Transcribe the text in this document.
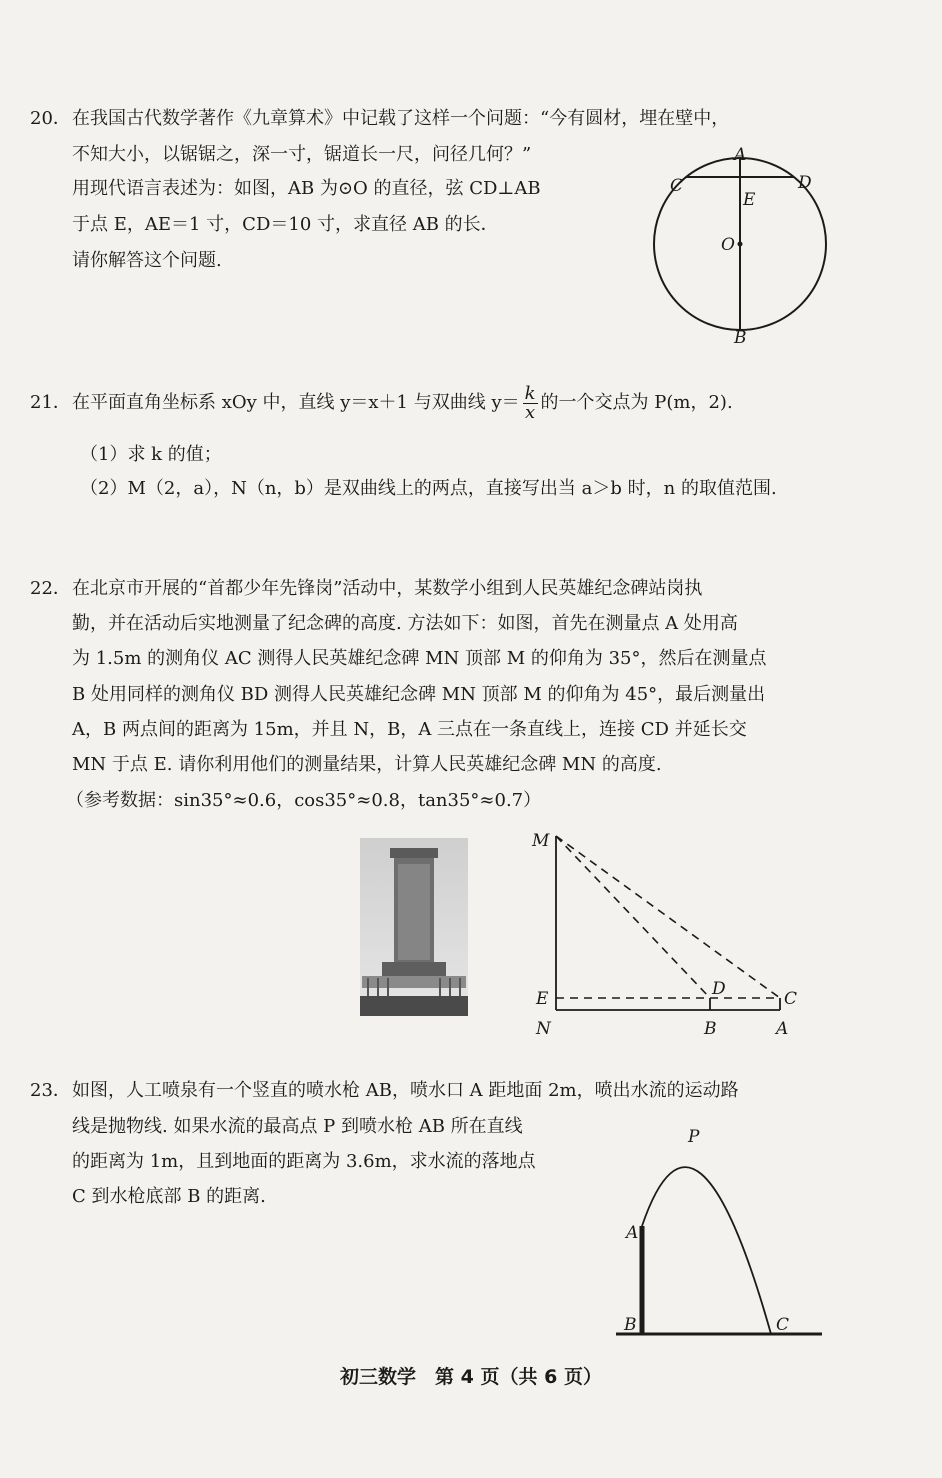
20． 在我国古代数学著作《九章算术》中记载了这样一个问题：“今有圆材，埋在壁中，
不知大小，以锯锯之，深一寸，锯道长一尺，问径几何？”
用现代语言表述为：如图，AB 为⊙O 的直径，弦 CD⊥AB
于点 E，AE＝1 寸，CD＝10 寸，求直径 AB 的长．
请你解答这个问题.
A
B
C	D
E
O
21． 在平面直角坐标系 xOy 中，直线 y＝x＋1 与双曲线 $y= \frac{k}{x}$ 的一个交点为 P(m，2).
（1）求 k 的值；
（2）M（2，a），N（n，b）是双曲线上的两点，直接写出当 a＞b 时，n 的取值范围.
22． 在北京市开展的“首都少年先锋岗”活动中，某数学小组到人民英雄纪念碑站岗执
勤，并在活动后实地测量了纪念碑的高度. 方法如下：如图，首先在测量点 A 处用高
为 1.5m 的测角仪 AC 测得人民英雄纪念碑 MN 顶部 M 的仰角为 35°，然后在测量点
B 处用同样的测角仪 BD 测得人民英雄纪念碑 MN 顶部 M 的仰角为 45°，最后测量出
A，B 两点间的距离为 15m，并且 N，B，A 三点在一条直线上，连接 CD 并延长交
MN 于点 E. 请你利用他们的测量结果，计算人民英雄纪念碑 MN 的高度.
（参考数据：sin35°≈0.6，cos35°≈0.8，tan35°≈0.7）
M
E
N
D
B
C
A
23． 如图，人工喷泉有一个竖直的喷水枪 AB，喷水口 A 距地面 2m，喷出水流的运动路
线是抛物线. 如果水流的最高点 P 到喷水枪 AB 所在直线
的距离为 1m，且到地面的距离为 3.6m，求水流的落地点
C 到水枪底部 B 的距离.
P
A
B	C
初三数学　第 4 页（共 6 页）
